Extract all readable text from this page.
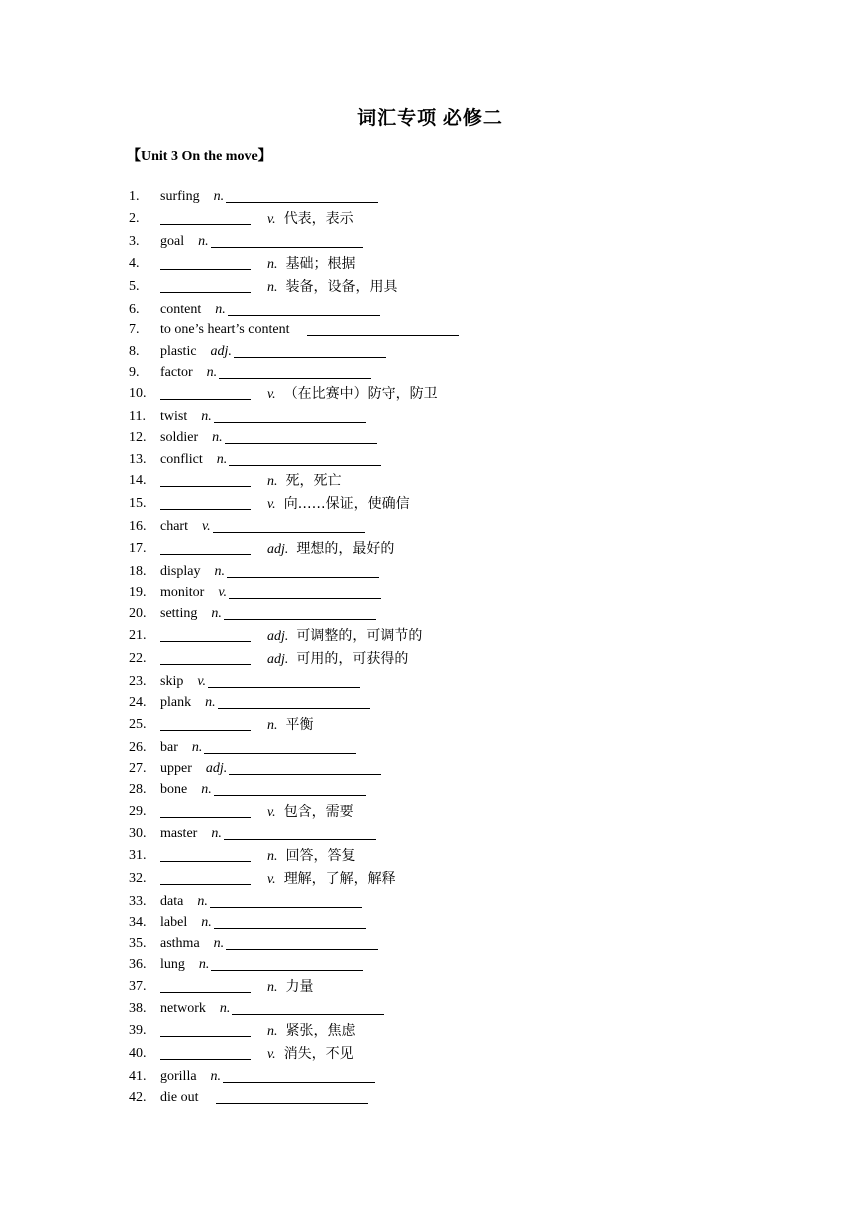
词汇专项 必修二
【Unit 3 On the move】
1. surfing n.
2.	v. 代表，表示
3. goal n.
4.	n. 基础；根据
5.	n. 装备，设备，用具
6. content n.
7. to one’s heart’s content
8. plastic adj.
9. factor n.
10.	v. （在比赛中）防守，防卫
11. twist n.
12. soldier n.
13. conflict n.
14.	n. 死，死亡
15.	v. 向……保证，使确信
16. chart v.
17.	adj. 理想的，最好的
18. display n.
19. monitor v.
20. setting n.
21.	adj. 可调整的，可调节的
22.	adj. 可用的，可获得的
23. skip v.
24. plank n.
25.	n. 平衡
26. bar n.
27. upper adj.
28. bone n.
29.	v. 包含，需要
30. master n.
31.	n. 回答，答复
32.	v. 理解，了解，解释
33. data n.
34. label n.
35. asthma n.
36. lung n.
37.	n. 力量
38. network n.
39.	n. 紧张，焦虑
40.	v. 消失，不见
41. gorilla n.
42. die out
